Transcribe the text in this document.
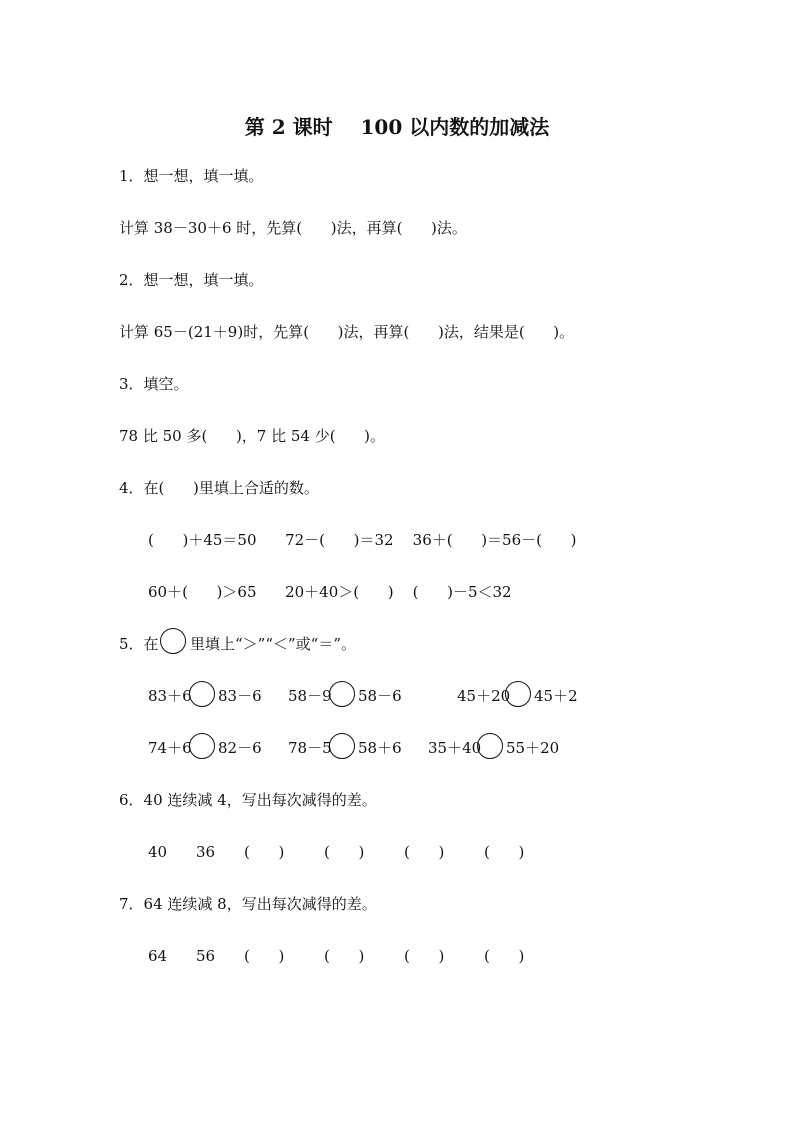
第 2 课时    100 以内数的加减法
1．想一想，填一填。
计算 38－30＋6 时，先算(      )法，再算(      )法。
2．想一想，填一填。
计算 65－(21＋9)时，先算(      )法，再算(      )法，结果是(      )。
3．填空。
78 比 50 多(      )，7 比 54 少(      )。
4．在(      )里填上合适的数。
(      )＋45＝50      72－(      )＝32    36＋(      )＝56－(      )
60＋(      )＞65      20＋40＞(      )    (      )－5＜32
5．在 里填上“＞”“＜”或“＝”。
83＋6 83－6 58－9 58－6	45＋20 45＋2
74＋6 82－6 78－5 58＋6 35＋40 55＋20
6．40 连续减 4，写出每次减得的差。
40 36 (      )	(      )	(      )	(      )
7．64 连续减 8，写出每次减得的差。
64 56 (      )	(      )	(      )	(      )
